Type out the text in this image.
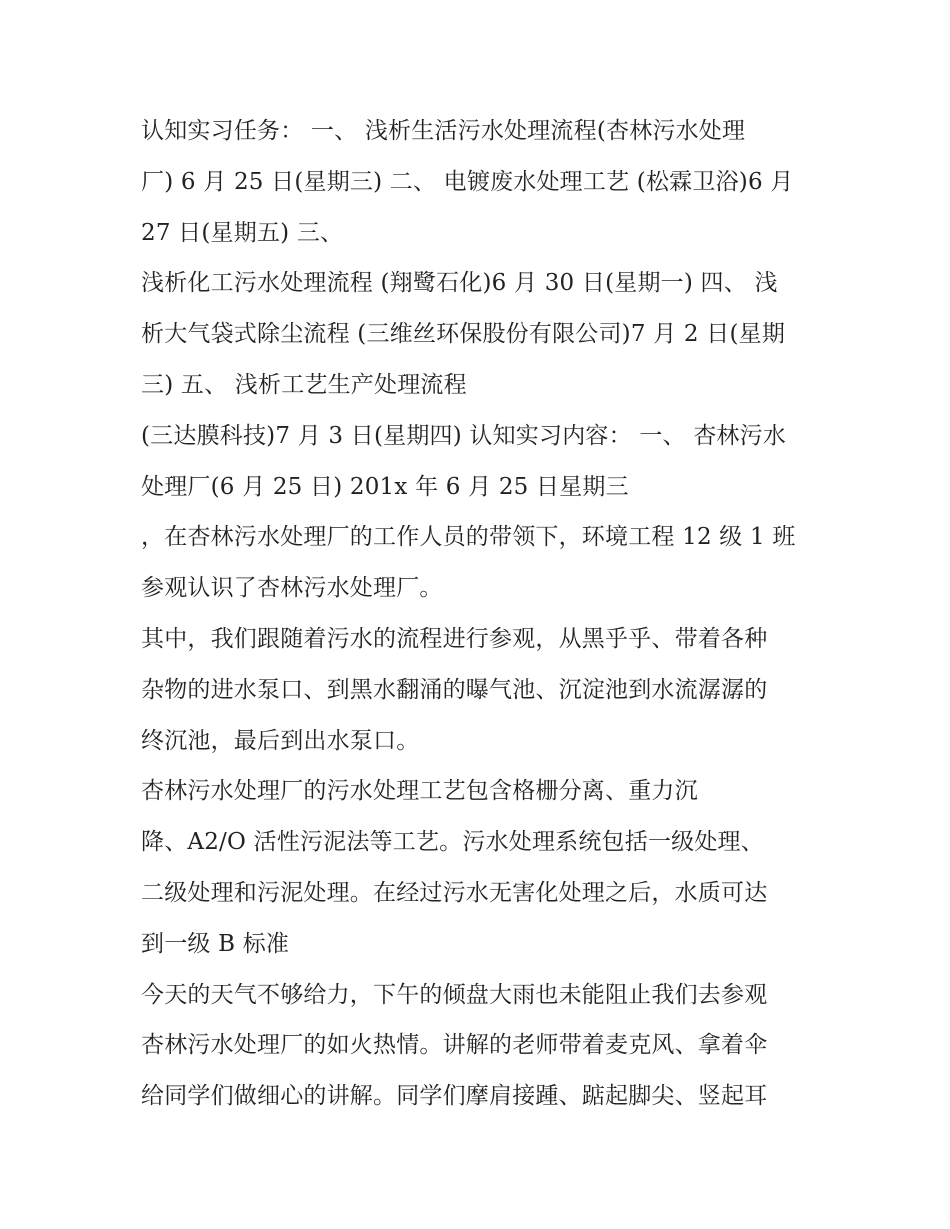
认知实习任务： 一、 浅析生活污水处理流程(杏林污水处理
厂) 6 月 25 日(星期三) 二、 电镀废水处理工艺 (松霖卫浴)6 月
27 日(星期五) 三、
浅析化工污水处理流程 (翔鹭石化)6 月 30 日(星期一) 四、 浅
析大气袋式除尘流程 (三维丝环保股份有限公司)7 月 2 日(星期
三) 五、 浅析工艺生产处理流程
(三达膜科技)7 月 3 日(星期四) 认知实习内容： 一、 杏林污水
处理厂(6 月 25 日) 201x 年 6 月 25 日星期三
，在杏林污水处理厂的工作人员的带领下，环境工程 12 级 1 班
参观认识了杏林污水处理厂。
其中，我们跟随着污水的流程进行参观，从黑乎乎、带着各种
杂物的进水泵口、到黑水翻涌的曝气池、沉淀池到水流潺潺的
终沉池，最后到出水泵口。
杏林污水处理厂的污水处理工艺包含格栅分离、重力沉
降、A2/O 活性污泥法等工艺。污水处理系统包括一级处理、
二级处理和污泥处理。在经过污水无害化处理之后，水质可达
到一级 B 标准
今天的天气不够给力，下午的倾盘大雨也未能阻止我们去参观
杏林污水处理厂的如火热情。讲解的老师带着麦克风、拿着伞
给同学们做细心的讲解。同学们摩肩接踵、踮起脚尖、竖起耳
